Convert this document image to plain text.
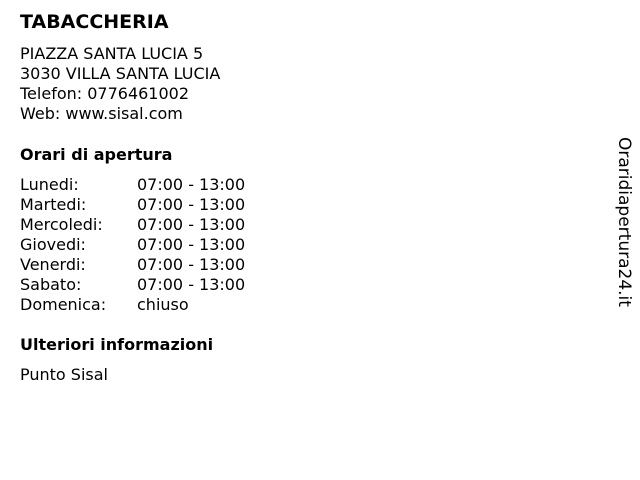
TABACCHERIA
PIAZZA SANTA LUCIA 5
3030 VILLA SANTA LUCIA
Telefon: 0776461002
Web: www.sisal.com
Orari di apertura
Lunedi:	07:00 - 13:00
Martedi:	07:00 - 13:00
Mercoledi: 07:00 - 13:00
Giovedi:	07:00 - 13:00
Venerdi:	07:00 - 13:00
Sabato:	07:00 - 13:00
Domenica: chiuso
Ulteriori informazioni
Punto Sisal
Oraridiapertura24.it
